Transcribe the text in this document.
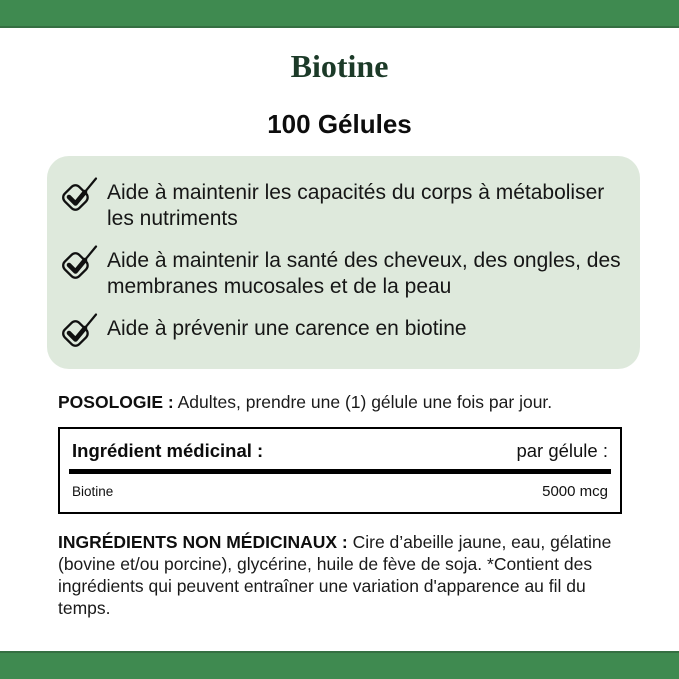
Biotine
100 Gélules
Aide à maintenir les capacités du corps à métaboliser les nutriments
Aide à maintenir la santé des cheveux, des ongles, des membranes mucosales et de la peau
Aide à prévenir une carence en biotine
POSOLOGIE : Adultes, prendre une (1) gélule une fois par jour.
Ingrédient médicinal :	par gélule :
Biotine	5000 mcg
INGRÉDIENTS NON MÉDICINAUX : Cire d’abeille jaune, eau, gélatine (bovine et/ou porcine), glycérine, huile de fève de soja. *Contient des ingrédients qui peuvent entraîner une variation d'apparence au fil du temps.
